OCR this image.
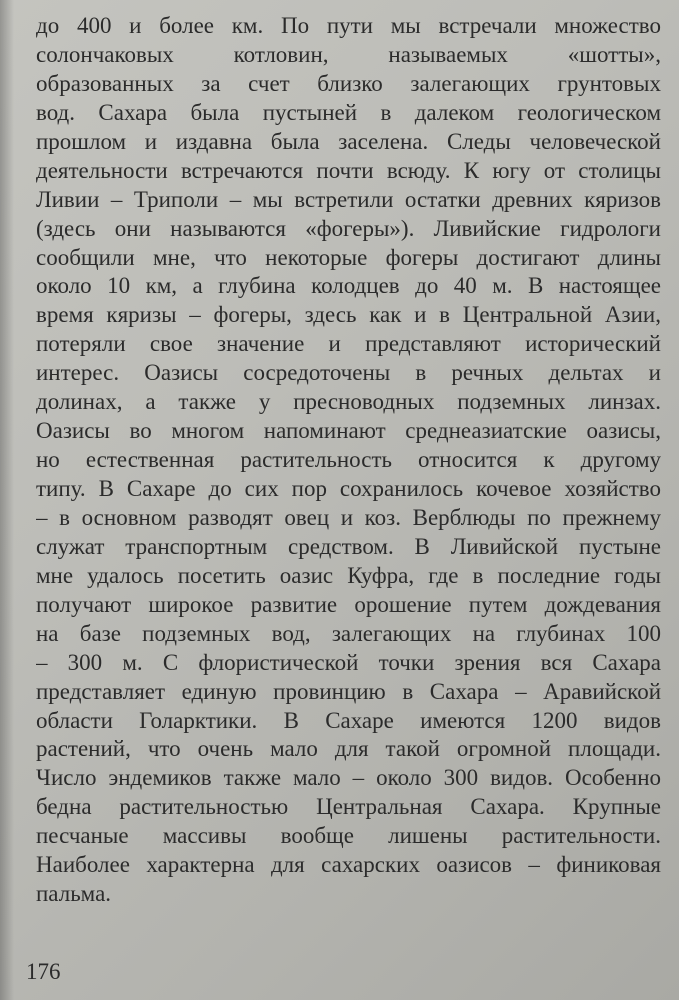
до 400 и более км. По пути мы встречали множество
солончаковых котловин, называемых «шотты»,
образованных за счет близко залегающих грунтовых
вод. Сахара была пустыней в далеком геологическом
прошлом и издавна была заселена. Следы человеческой
деятельности встречаются почти всюду. К югу от столицы
Ливии – Триполи – мы встретили остатки древних кяризов
(здесь они называются «фогеры»). Ливийские гидрологи
сообщили мне, что некоторые фогеры достигают длины
около 10 км, а глубина колодцев до 40 м. В настоящее
время кяризы – фогеры, здесь как и в Центральной Азии,
потеряли свое значение и представляют исторический
интерес. Оазисы сосредоточены в речных дельтах и
долинах, а также у пресноводных подземных линзах.
Оазисы во многом напоминают среднеазиатские оазисы,
но естественная растительность относится к другому
типу. В Сахаре до сих пор сохранилось кочевое хозяйство
– в основном разводят овец и коз. Верблюды по прежнему
служат транспортным средством. В Ливийской пустыне
мне удалось посетить оазис Куфра, где в последние годы
получают широкое развитие орошение путем дождевания
на базе подземных вод, залегающих на глубинах 100
– 300 м. С флористической точки зрения вся Сахара
представляет единую провинцию в Сахара – Аравийской
области Голарктики. В Сахаре имеются 1200 видов
растений, что очень мало для такой огромной площади.
Число эндемиков также мало – около 300 видов. Особенно
бедна растительностью Центральная Сахара. Крупные
песчаные массивы вообще лишены растительности.
Наиболее характерна для сахарских оазисов – финиковая
пальма.
176
